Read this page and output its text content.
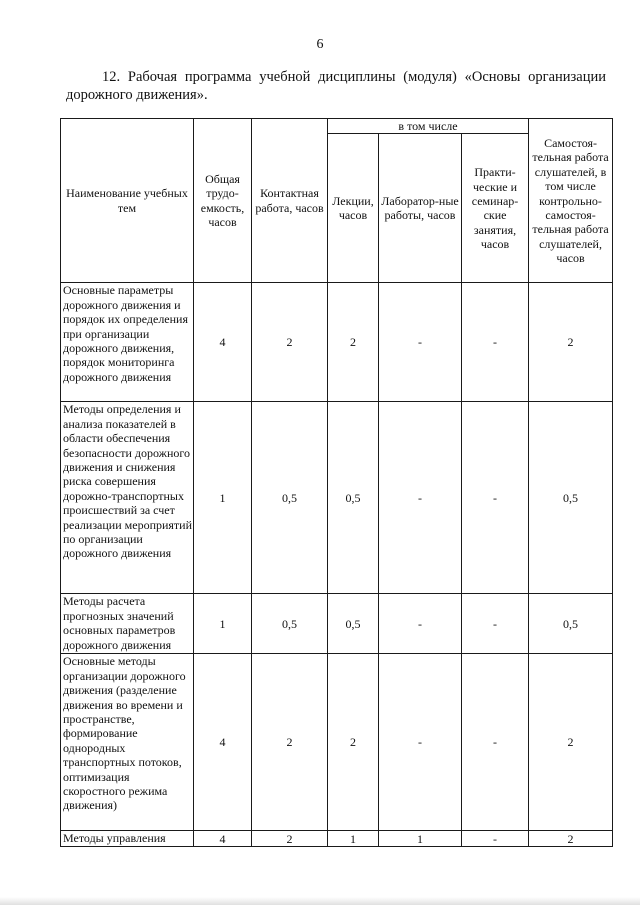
6
12. Рабочая программа учебной дисциплины (модуля) «Основы организации дорожного движения».
Наименование учебных тем	Общая трудо-емкость, часов	Контактная работа, часов	в том числе			Самостоя-тельная работа слушателей, в том числе контрольно-самостоя-тельная работа слушателей, часов
			Лекции, часов	Лаборатор-ные работы, часов	Практи-ческие и семинар-ские занятия, часов	
Основные параметры дорожного движения и порядок их определения при организации дорожного движения, порядок мониторинга дорожного движения	4	2	2	-	-	2
Методы определения и анализа показателей в области обеспечения безопасности дорожного движения и снижения риска совершения дорожно-транспортных происшествий за счет реализации мероприятий по организации дорожного движения	1	0,5	0,5	-	-	0,5
Методы расчета прогнозных значений основных параметров дорожного движения	1	0,5	0,5	-	-	0,5
Основные методы организации дорожного движения (разделение движения во времени и пространстве, формирование однородных транспортных потоков, оптимизация скоростного режима движения)	4	2	2	-	-	2
Методы управления	4	2	1	1	-	2
